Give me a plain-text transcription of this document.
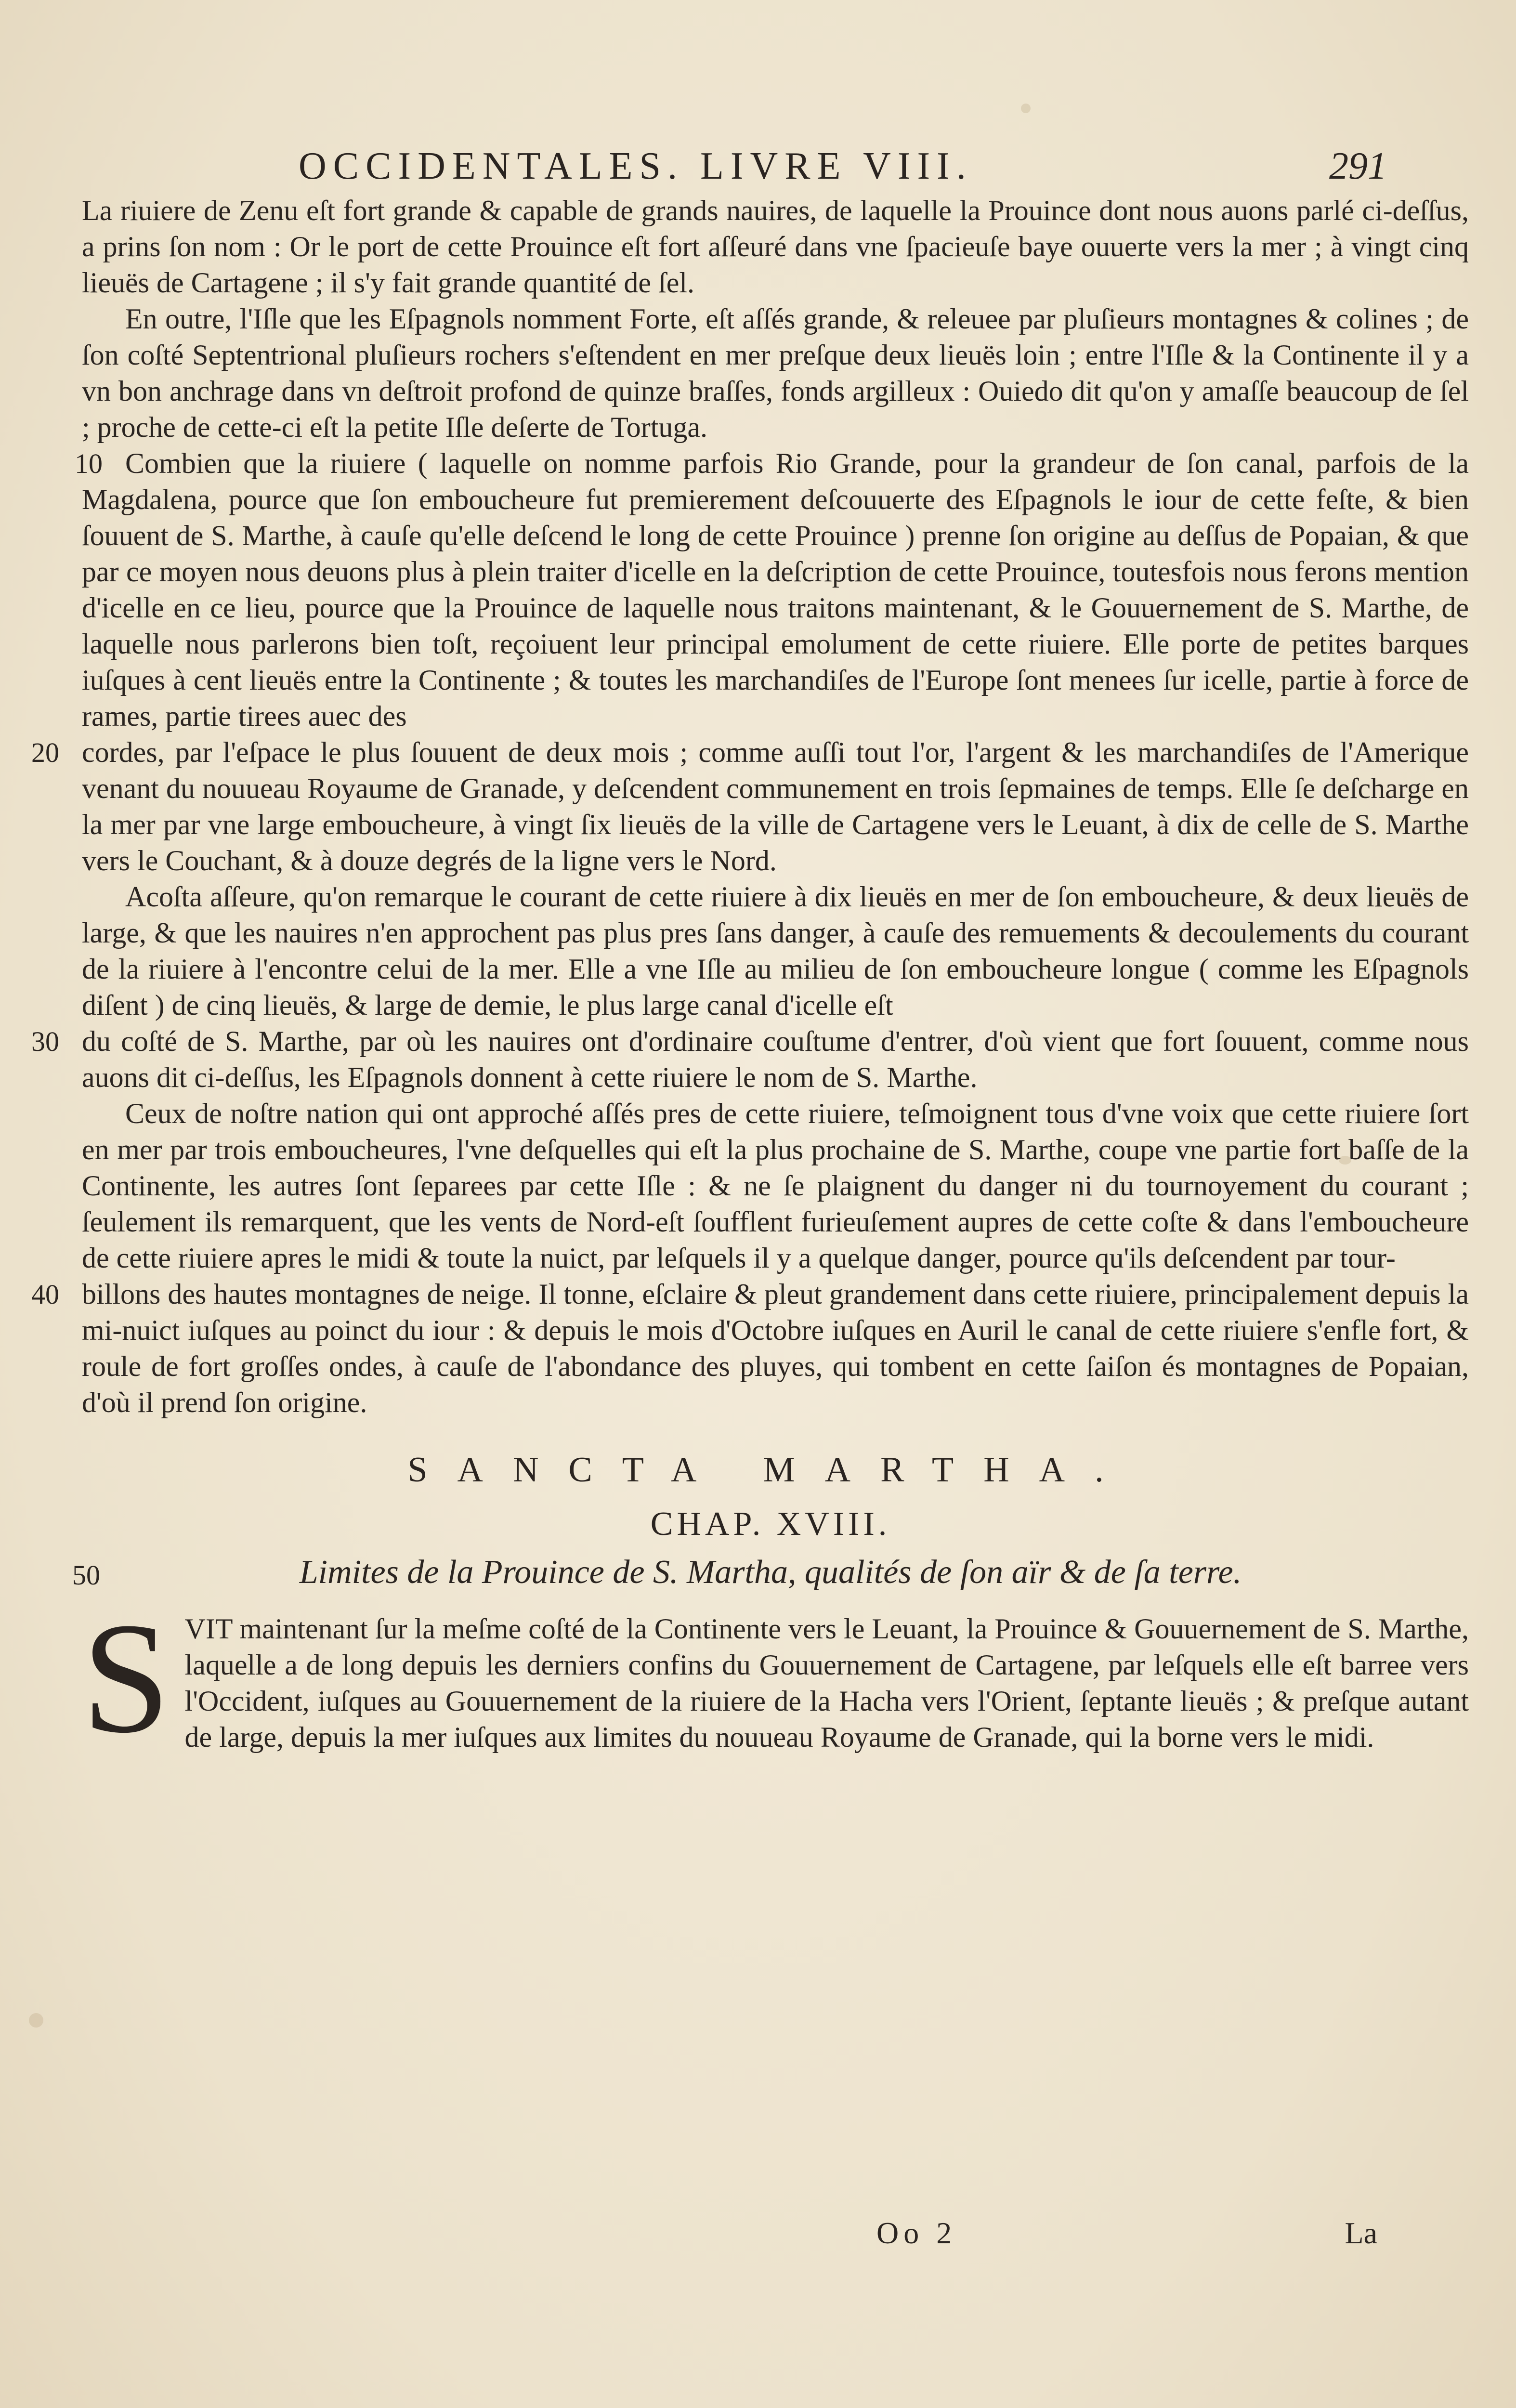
OCCIDENTALES. LIVRE VIII.	291

La riuiere de Zenu eſt fort grande & capable de grands nauires, de laquelle la Prouince dont nous auons parlé ci-deſſus, a prins ſon nom : Or le port de cette Prouince eſt fort aſſeuré dans vne ſpacieuſe baye ouuerte vers la mer ; à vingt cinq lieuës de Cartagene ; il s'y fait grande quantité de ſel.

En outre, l'Iſle que les Eſpagnols nomment Forte, eſt aſſés grande, & releuee par pluſieurs montagnes & colines ; de ſon coſté Septentrional pluſieurs rochers s'eſtendent en mer preſque deux lieuës loin ; entre l'Iſle & la Continente il y a vn bon anchrage dans vn deſtroit profond de quinze braſſes, fonds argilleux : Ouiedo dit qu'on y amaſſe beaucoup de ſel ; proche de cette-ci eſt la petite Iſle deſerte de Tortuga.

10 Combien que la riuiere ( laquelle on nomme parfois Rio Grande, pour la grandeur de ſon canal, parfois de la Magdalena, pource que ſon emboucheure fut premierement deſcouuerte des Eſpagnols le iour de cette feſte, & bien ſouuent de S. Marthe, à cauſe qu'elle deſcend le long de cette Prouince ) prenne ſon origine au deſſus de Popaian, & que par ce moyen nous deuons plus à plein traiter d'icelle en la deſcription de cette Prouince, toutesfois nous ferons mention d'icelle en ce lieu, pource que la Prouince de laquelle nous traitons maintenant, & le Gouuernement de S. Marthe, de laquelle nous parlerons bien toſt, reçoiuent leur principal emolument de cette riuiere. Elle porte de petites barques iuſques à cent lieuës entre la Continente ; & toutes les marchandiſes de l'Europe ſont menees ſur icelle, partie à force de rames, partie tirees auec des

20 cordes, par l'eſpace le plus ſouuent de deux mois ; comme auſſi tout l'or, l'argent & les marchandiſes de l'Amerique venant du nouueau Royaume de Granade, y deſcendent communement en trois ſepmaines de temps. Elle ſe deſcharge en la mer par vne large emboucheure, à vingt ſix lieuës de la ville de Cartagene vers le Leuant, à dix de celle de S. Marthe vers le Couchant, & à douze degrés de la ligne vers le Nord.

Acoſta aſſeure, qu'on remarque le courant de cette riuiere à dix lieuës en mer de ſon emboucheure, & deux lieuës de large, & que les nauires n'en approchent pas plus pres ſans danger, à cauſe des remuements & decoulements du courant de la riuiere à l'encontre celui de la mer. Elle a vne Iſle au milieu de ſon emboucheure longue ( comme les Eſpagnols diſent ) de cinq lieuës, & large de demie, le plus large canal d'icelle eſt

30 du coſté de S. Marthe, par où les nauires ont d'ordinaire couſtume d'entrer, d'où vient que fort ſouuent, comme nous auons dit ci-deſſus, les Eſpagnols donnent à cette riuiere le nom de S. Marthe.

Ceux de noſtre nation qui ont approché aſſés pres de cette riuiere, teſmoignent tous d'vne voix que cette riuiere ſort en mer par trois emboucheures, l'vne deſquelles qui eſt la plus prochaine de S. Marthe, coupe vne partie fort baſſe de la Continente, les autres ſont ſeparees par cette Iſle : & ne ſe plaignent du danger ni du tournoyement du courant ; ſeulement ils remarquent, que les vents de Nord-eſt ſoufflent furieuſement aupres de cette coſte & dans l'emboucheure de cette riuiere apres le midi & toute la nuict, par leſquels il y a quelque danger, pource qu'ils deſcendent par tour-

40 billons des hautes montagnes de neige. Il tonne, eſclaire & pleut grandement dans cette riuiere, principalement depuis la mi-nuict iuſques au poinct du iour : & depuis le mois d'Octobre iuſques en Auril le canal de cette riuiere s'enfle fort, & roule de fort groſſes ondes, à cauſe de l'abondance des pluyes, qui tombent en cette ſaiſon és montagnes de Popaian, d'où il prend ſon origine.

SANCTA MARTHA.
CHAP. XVIII.
50	Limites de la Prouince de S. Martha, qualités de ſon aïr & de ſa terre.
S VIT maintenant ſur la meſme coſté de la Continente vers le Leuant, la Prouince & Gouuernement de S. Marthe, laquelle a de long depuis les derniers confins du Gouuernement de Cartagene, par leſquels elle eſt barree vers l'Occident, iuſques au Gouuernement de la riuiere de la Hacha vers l'Orient, ſeptante lieuës ; & preſque autant de large, depuis la mer iuſques aux limites du nouueau Royaume de Granade, qui la borne vers le midi.
Oo 2	La
